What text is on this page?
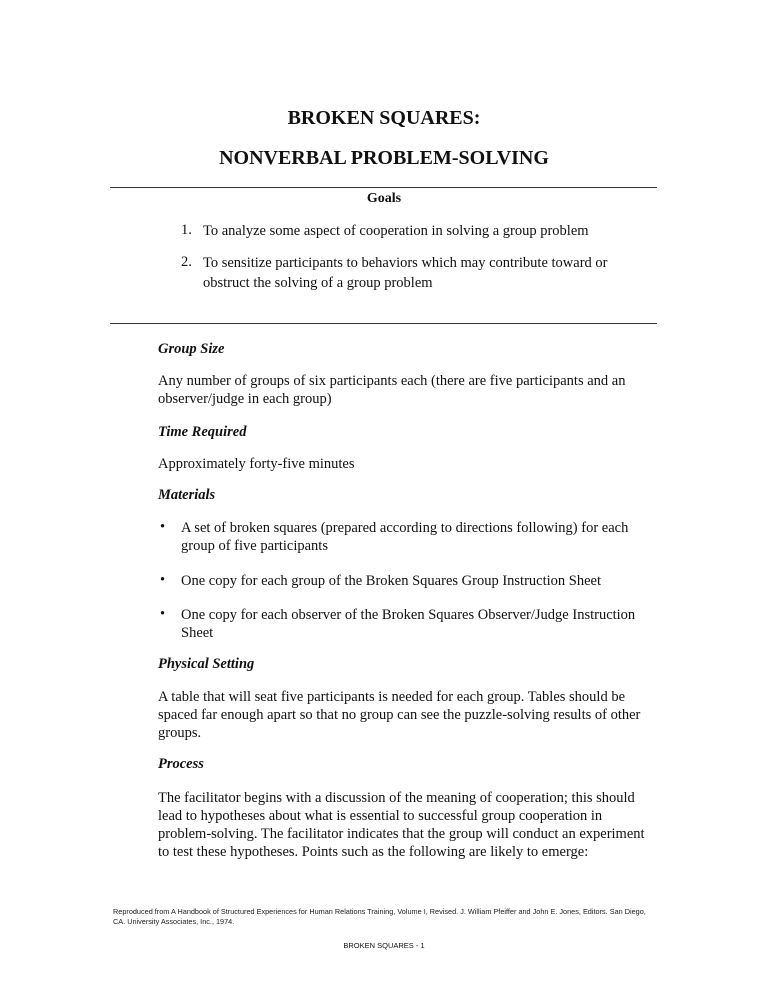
BROKEN SQUARES:
NONVERBAL PROBLEM-SOLVING
Goals
1. To analyze some aspect of cooperation in solving a group problem
2. To sensitize participants to behaviors which may contribute toward or obstruct the solving of a group problem
Group Size
Any number of groups of six participants each (there are five participants and an observer/judge in each group)
Time Required
Approximately forty-five minutes
Materials
• A set of broken squares (prepared according to directions following) for each group of five participants
• One copy for each group of the Broken Squares Group Instruction Sheet
• One copy for each observer of the Broken Squares Observer/Judge Instruction Sheet
Physical Setting
A table that will seat five participants is needed for each group. Tables should be spaced far enough apart so that no group can see the puzzle-solving results of other groups.
Process
The facilitator begins with a discussion of the meaning of cooperation; this should lead to hypotheses about what is essential to successful group cooperation in problem-solving. The facilitator indicates that the group will conduct an experiment to test these hypotheses. Points such as the following are likely to emerge:
Reproduced from A Handbook of Structured Experiences for Human Relations Training, Volume I, Revised. J. William Pfeiffer and John E. Jones, Editors. San Diego, CA. University Associates, Inc., 1974.
BROKEN SQUARES - 1
